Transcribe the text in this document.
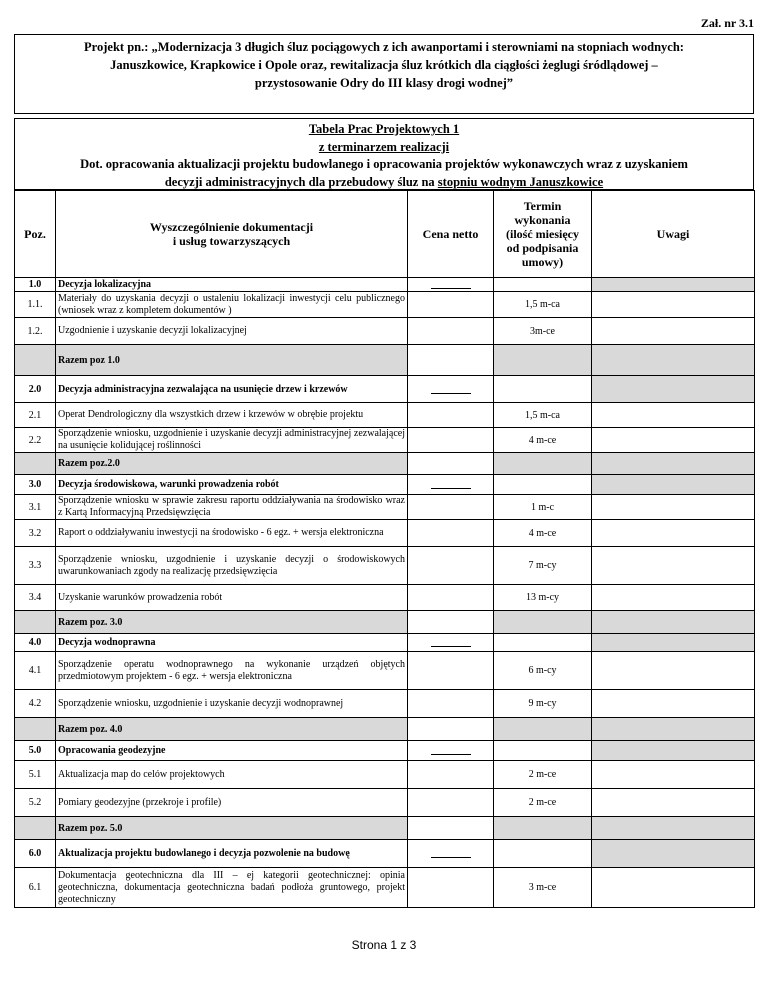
Zał. nr 3.1
Projekt pn.: „Modernizacja 3 długich śluz pociągowych z ich awanportami i sterowniami na stopniach wodnych:
Januszkowice, Krapkowice i Opole oraz, rewitalizacja śluz krótkich dla ciągłości żeglugi śródlądowej –
przystosowanie Odry do III klasy drogi wodnej”
Tabela Prac Projektowych 1
z terminarzem realizacji
Dot. opracowania aktualizacji projektu budowlanego i opracowania projektów wykonawczych wraz z uzyskaniem
decyzji administracyjnych dla przebudowy śluz na stopniu wodnym Januszkowice
Poz.	Wyszczególnienie dokumentacji
i usług towarzyszących	Cena netto	Termin
wykonania
(ilość miesięcy
od podpisania
umowy)	Uwagi
1.0	Decyzja lokalizacyjna	

1.1.	Materiały do uzyskania decyzji o ustaleniu lokalizacji inwestycji celu publicznego (wniosek wraz z kompletem dokumentów )		1,5 m-ca	
1.2.	Uzgodnienie i uzyskanie decyzji lokalizacyjnej		3m-ce	
	Razem poz 1.0			
2.0	Decyzja administracyjna zezwalająca na usunięcie drzew i krzewów	

2.1	Operat Dendrologiczny dla wszystkich drzew i krzewów w obrębie projektu		1,5 m-ca	
2.2	Sporządzenie wniosku, uzgodnienie i uzyskanie decyzji administracyjnej zezwalającej na usunięcie kolidującej roślinności		4 m-ce	
	Razem poz.2.0			
3.0	Decyzja środowiskowa, warunki prowadzenia robót	

3.1	Sporządzenie wniosku w sprawie zakresu raportu oddziaływania na środowisko wraz z Kartą Informacyjną Przedsięwzięcia		1 m-c	
3.2	Raport o oddziaływaniu inwestycji na środowisko - 6 egz. + wersja elektroniczna		4 m-ce	
3.3	Sporządzenie wniosku, uzgodnienie i uzyskanie decyzji o środowiskowych uwarunkowaniach zgody na realizację przedsięwzięcia		7 m-cy	
3.4	Uzyskanie warunków prowadzenia robót		13 m-cy	
	Razem poz. 3.0			
4.0	Decyzja wodnoprawna	

4.1	Sporządzenie operatu wodnoprawnego na wykonanie urządzeń objętych przedmiotowym projektem - 6 egz. + wersja elektroniczna		6 m-cy	
4.2	Sporządzenie wniosku, uzgodnienie i uzyskanie decyzji wodnoprawnej		9 m-cy	
	Razem poz. 4.0			
5.0	Opracowania geodezyjne	

5.1	Aktualizacja map do celów projektowych		2 m-ce	
5.2	Pomiary geodezyjne (przekroje i profile)		2 m-ce	
	Razem poz. 5.0			
6.0	Aktualizacja projektu budowlanego i decyzja pozwolenie na budowę	

6.1	Dokumentacja geotechniczna dla III – ej kategorii geotechnicznej: opinia geotechniczna, dokumentacja geotechniczna badań podłoża gruntowego, projekt geotechniczny		3 m-ce	
Strona 1 z 3
